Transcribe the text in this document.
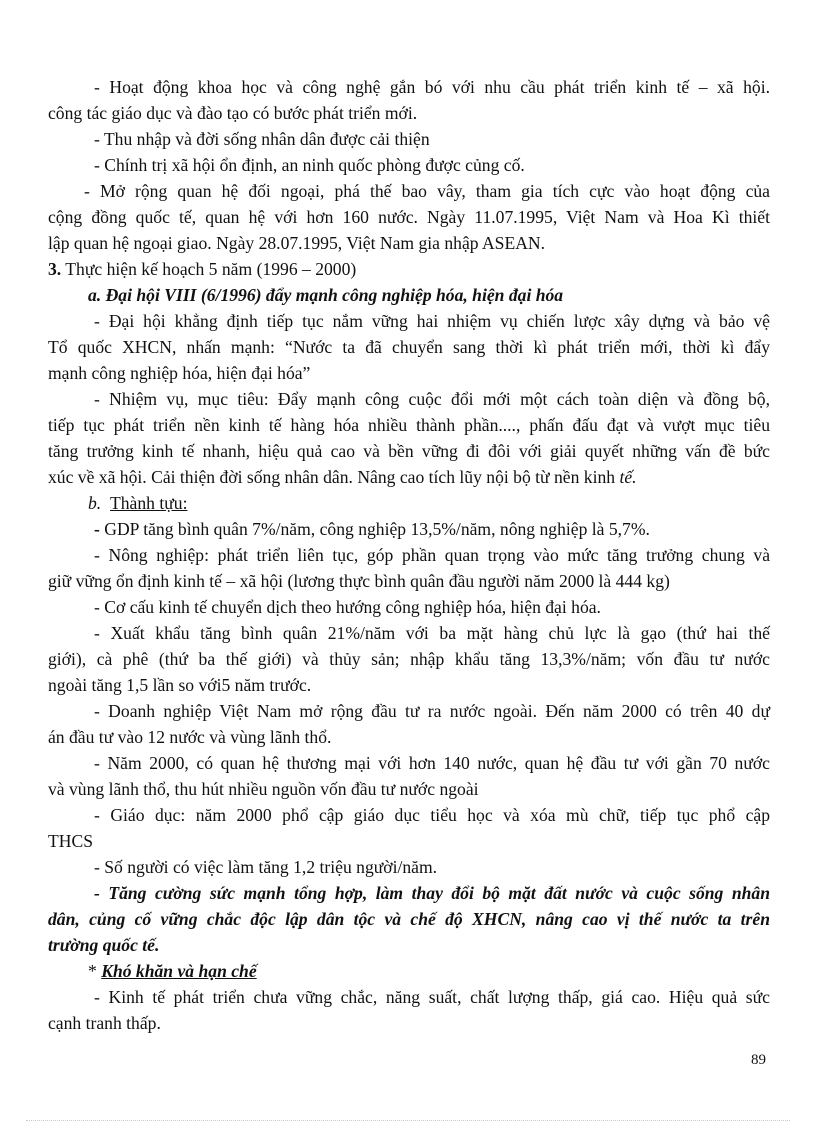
- Hoạt động khoa học và công nghệ gắn bó với nhu cầu phát triển kinh tế – xã hội.
công tác giáo dục và đào tạo có bước phát triển mới.
- Thu nhập và đời sống nhân dân được cải thiện
- Chính trị xã hội ổn định, an ninh quốc phòng được củng cố.
- Mở rộng quan hệ đối ngoại, phá thế bao vây, tham gia tích cực vào hoạt động của
cộng đồng quốc tế, quan hệ với hơn 160 nước. Ngày 11.07.1995, Việt Nam và Hoa Kì thiết
lập quan hệ ngoại giao. Ngày 28.07.1995, Việt Nam gia nhập ASEAN.
3. Thực hiện kế hoạch 5 năm (1996 – 2000)
a. Đại hội VIII (6/1996) đẩy mạnh công nghiệp hóa, hiện đại hóa
- Đại hội khẳng định tiếp tục nắm vững hai nhiệm vụ chiến lược xây dựng và bảo vệ
Tổ quốc XHCN, nhấn mạnh: “Nước ta đã chuyển sang thời kì phát triển mới, thời kì đẩy
mạnh công nghiệp hóa, hiện đại hóa”
- Nhiệm vụ, mục tiêu: Đẩy mạnh công cuộc đổi mới một cách toàn diện và đồng bộ,
tiếp tục phát triển nền kinh tế hàng hóa nhiều thành phần...., phấn đấu đạt và vượt mục tiêu
tăng trưởng kinh tế nhanh, hiệu quả cao và bền vững đi đôi với giải quyết những vấn đề bức
xúc về xã hội. Cải thiện đời sống nhân dân. Nâng cao tích lũy nội bộ từ nền kinh tế.
b. Thành tựu:
- GDP tăng bình quân 7%/năm, công nghiệp 13,5%/năm, nông nghiệp là 5,7%.
- Nông nghiệp: phát triển liên tục, góp phần quan trọng vào mức tăng trưởng chung và
giữ vững ổn định kinh tế – xã hội (lương thực bình quân đầu người năm 2000 là 444 kg)
- Cơ cấu kinh tế chuyển dịch theo hướng công nghiệp hóa, hiện đại hóa.
- Xuất khẩu tăng bình quân 21%/năm với ba mặt hàng chủ lực là gạo (thứ hai thế
giới), cà phê (thứ ba thế giới) và thủy sản; nhập khẩu tăng 13,3%/năm; vốn đầu tư nước
ngoài tăng 1,5 lần so với5 năm trước.
- Doanh nghiệp Việt Nam mở rộng đầu tư ra nước ngoài. Đến năm 2000 có trên 40 dự
án đầu tư vào 12 nước và vùng lãnh thổ.
- Năm 2000, có quan hệ thương mại với hơn 140 nước, quan hệ đầu tư với gần 70 nước
và vùng lãnh thổ, thu hút nhiều nguồn vốn đầu tư nước ngoài
- Giáo dục: năm 2000 phổ cập giáo dục tiểu học và xóa mù chữ, tiếp tục phổ cập
THCS
- Số người có việc làm tăng 1,2 triệu người/năm.
- Tăng cường sức mạnh tổng hợp, làm thay đổi bộ mặt đất nước và cuộc sống nhân
dân, củng cố vững chắc độc lập dân tộc và chế độ XHCN, nâng cao vị thế nước ta trên
trường quốc tế.
* Khó khăn và hạn chế
- Kinh tế phát triển chưa vững chắc, năng suất, chất lượng thấp, giá cao. Hiệu quả sức
cạnh tranh thấp.
89
